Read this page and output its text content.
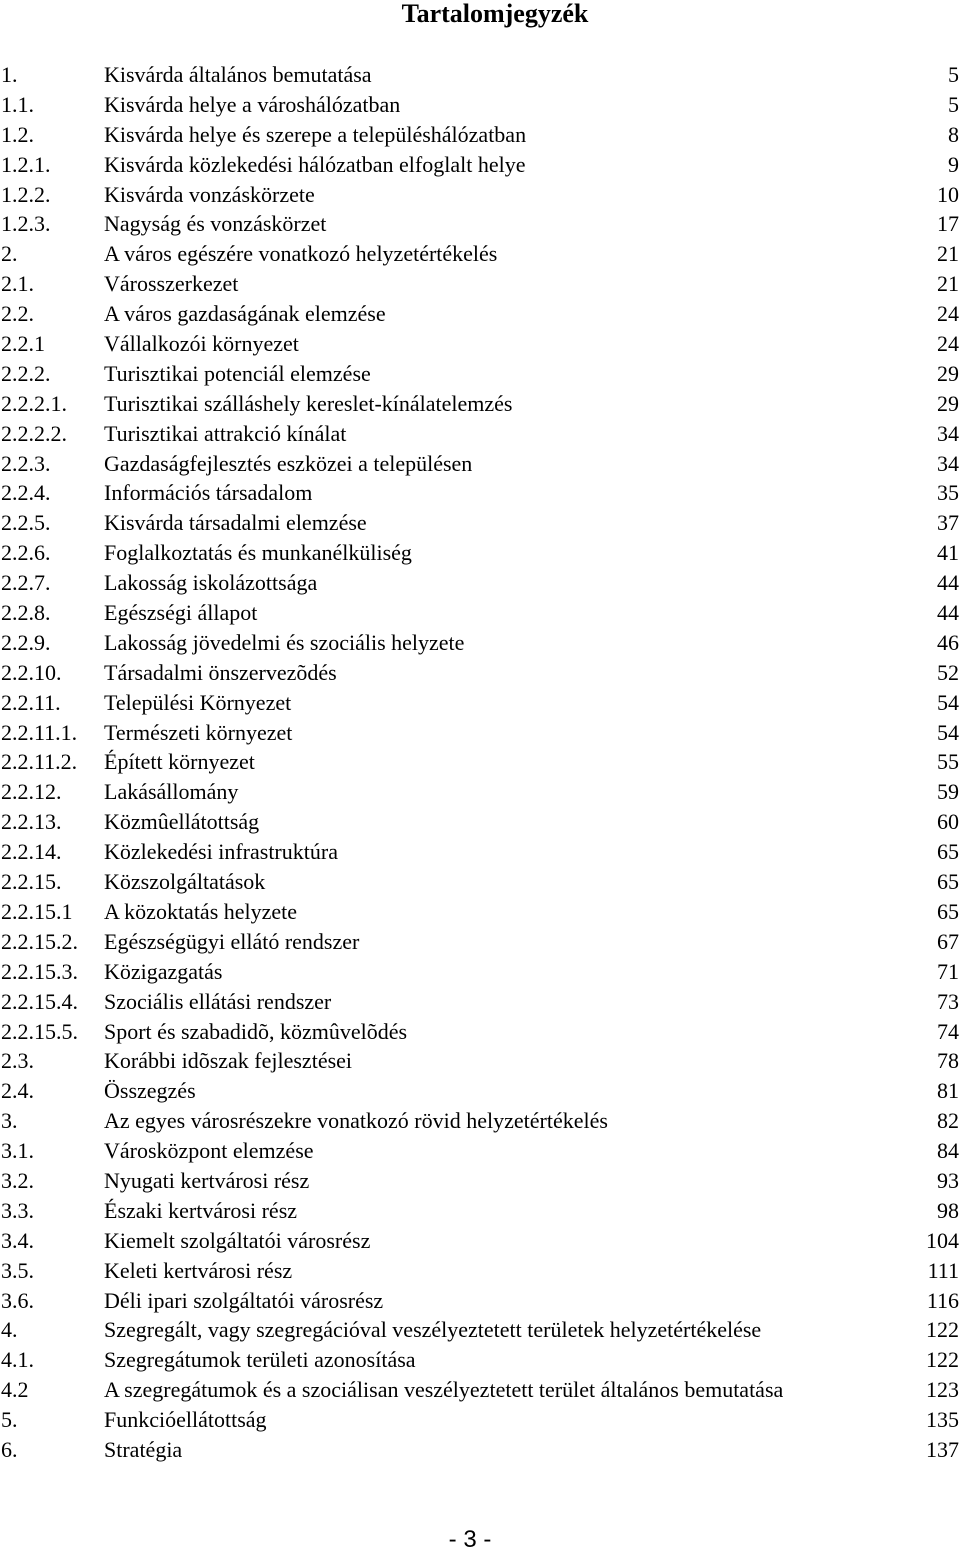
Tartalomjegyzék
1.	Kisvárda általános bemutatása	5
1.1.	Kisvárda helye a városhálózatban	5
1.2.	Kisvárda helye és szerepe a településhálózatban	8
1.2.1. Kisvárda közlekedési hálózatban elfoglalt helye	9
1.2.2. Kisvárda vonzáskörzete	10
1.2.3. Nagyság és vonzáskörzet	17
2.	A város egészére vonatkozó helyzetértékelés	21
2.1.	Városszerkezet	21
2.2.	A város gazdaságának elemzése	24
2.2.1	Vállalkozói környezet	24
2.2.2. Turisztikai potenciál elemzése	29
2.2.2.1. Turisztikai szálláshely kereslet-kínálatelemzés	29
2.2.2.2. Turisztikai attrakció kínálat	34
2.2.3. Gazdaságfejlesztés eszközei a településen	34
2.2.4. Információs társadalom	35
2.2.5. Kisvárda társadalmi elemzése	37
2.2.6. Foglalkoztatás és munkanélküliség	41
2.2.7. Lakosság iskolázottsága	44
2.2.8. Egészségi állapot	44
2.2.9. Lakosság jövedelmi és szociális helyzete	46
2.2.10. Társadalmi önszervezõdés	52
2.2.11. Települési Környezet	54
2.2.11.1. Természeti környezet	54
2.2.11.2. Épített környezet	55
2.2.12. Lakásállomány	59
2.2.13. Közmûellátottság	60
2.2.14. Közlekedési infrastruktúra	65
2.2.15. Közszolgáltatások	65
2.2.15.1 A közoktatás helyzete	65
2.2.15.2. Egészségügyi ellátó rendszer	67
2.2.15.3. Közigazgatás	71
2.2.15.4. Szociális ellátási rendszer	73
2.2.15.5. Sport és szabadidõ, közmûvelõdés	74
2.3.	Korábbi idõszak fejlesztései	78
2.4.	Összegzés	81
3.	Az egyes városrészekre vonatkozó rövid helyzetértékelés	82
3.1.	Városközpont elemzése	84
3.2.	Nyugati kertvárosi rész	93
3.3.	Északi kertvárosi rész	98
3.4.	Kiemelt szolgáltatói városrész	104
3.5.	Keleti kertvárosi rész	111
3.6.	Déli ipari szolgáltatói városrész	116
4.	Szegregált, vagy szegregációval veszélyeztetett területek helyzetértékelése	122
4.1.	Szegregátumok területi azonosítása	122
4.2	A szegregátumok és a szociálisan veszélyeztetett terület általános bemutatása	123
5.	Funkcióellátottság	135
6.	Stratégia	137
- 3 -
